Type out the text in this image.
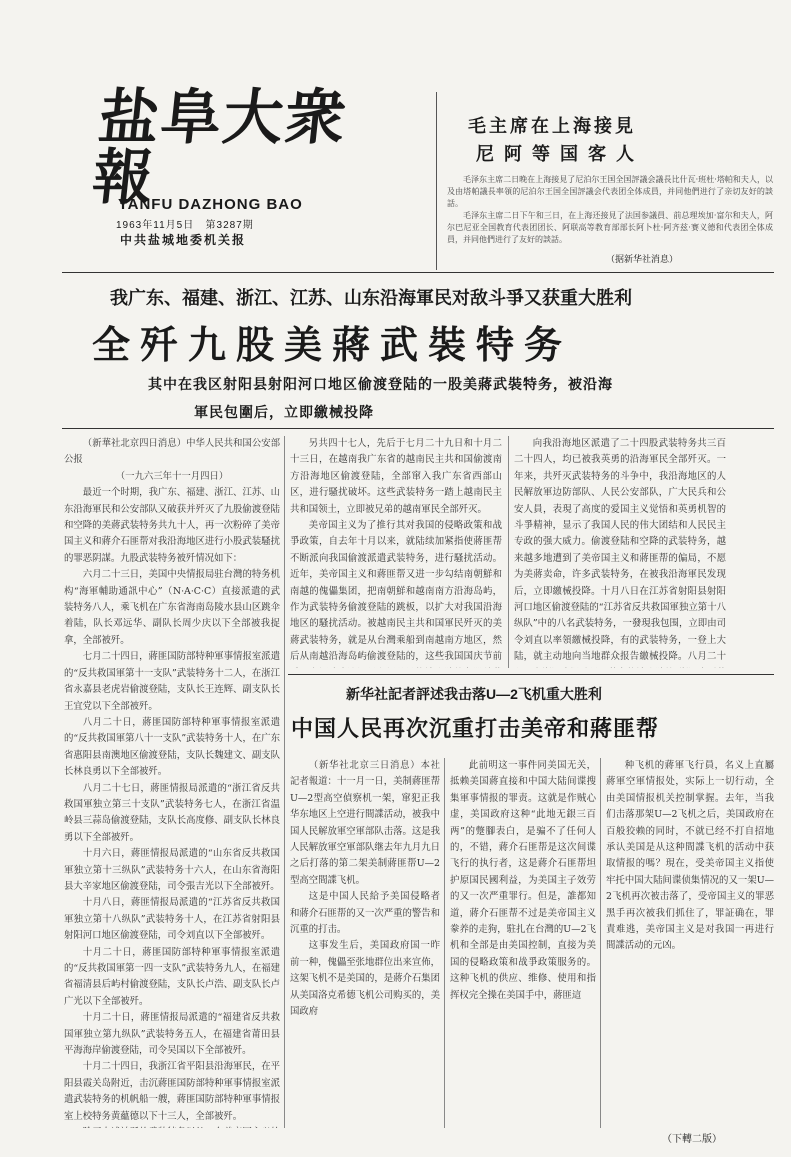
盐阜大衆報
YANFU DAZHONG BAO
1963年11月5日 第3287期
中共盐城地委机关报
毛主席在上海接見
尼阿等国客人

毛泽东主席二日晚在上海接見了尼泊尔王国全国評議会議長比什瓦·班杜·塔帕和夫人，以及由塔帕議長率領的尼泊尔王国全国評議会代表团全体成員，并同他們进行了亲切友好的談話。

毛泽东主席二日下午和三日，在上海还接見了法国参議員、前总理埃加·富尔和夫人，阿尔巴尼亚全国教育代表团团长、阿联高等教育部部长阿卜杜·阿齐兹·赛义德和代表团全体成員，并同他們进行了友好的談話。

（据新华社消息）
我广东、福建、浙江、江苏、山东沿海軍民对敌斗爭又获重大胜利
全歼九股美蔣武裝特务
其中在我区射阳县射阳河口地区偷渡登陆的一股美蔣武裝特务，被沿海
軍民包圍后，立即繳械投降

（新華社北京四日消息）中华人民共和国公安部公报

（一九六三年十一月四日）

最近一个时期，我广东、福建、浙江、江苏、山东沿海軍民和公安部队又破获并歼灭了九股偷渡登陆和空降的美蔣武装特务共九十人，再一次粉碎了美帝国主义和蔣介石匪帮对我沿海地区进行小股武装騷扰的罪恶阴謀。九股武装特务被歼情况如下：

六月二十三日，美国中央情报局驻台灣的特务机构“海軍輔助通訊中心”（N·A·C·C）直接派遣的武装特务八人，乘飞机在广东省海南岛陵水县山区跳伞着陆，队长邓远华、副队长周少庆以下全部被我捉拿，全部被歼。

七月二十四日，蔣匪国防部特种軍事情报室派遣的“反共救国軍第十一支队”武装特务十二人，在浙江省永嘉县老虎岩偷渡登陆，支队长王连辉、副支队长王宜党以下全部被歼。

八月二十日，蔣匪国防部特种軍事情报室派遣的“反共救国軍第八十一支队”武装特务十人，在广东省惠阳县南澳地区偷渡登陆，支队长魏建文、副支队长林良勇以下全部被歼。

八月二十七日，蔣匪情报局派遣的“浙江省反共救国軍独立第三十支队”武装特务七人，在浙江省温岭县三蒜岛偷渡登陆，支队长高度修、副支队长林良勇以下全部被歼。

十月六日，蔣匪情报局派遣的“山东省反共救国軍独立第十三纵队”武装特务十六人，在山东省海阳县大辛家地区偷渡登陆，司令張吉光以下全部被歼。

十月八日，蔣匪情报局派遣的“江苏省反共救国軍独立第十八纵队”武装特务十人，在江苏省射阳县射阳河口地区偷渡登陆，司令刘直以下全部被歼。

十月二十日，蔣匪国防部特种軍事情报室派遣的“反共救国軍第一四一支队”武装特务九人，在福建省福清县后屿村偷渡登陆，支队长卢浩、副支队长卢广光以下全部被歼。

十月二十日，蔣匪情报局派遣的“福建省反共救国軍独立第九纵队”武装特务五人，在福建省莆田县平海海岸偷渡登陆，司令吴国以下全部被歼。

十月二十四日，我浙江省平阳县沿海軍民，在平阳县霞关岛附近，击沉蔣匪国防部特种軍事情报室派遣武装特务的机帆船一艘，蔣匪国防部特种軍事情报室上校特务黄蘊德以下十三人，全部被歼。

另共四十七人，先后于七月二十九日和十月二十三日，在越南我广东省的越南民主共和国偷渡南方沿海地区偷渡登陆，全部窜入我广东省西部山区，进行騷扰破坏。这些武装特务一踏上越南民主共和国领土，立即被兄弟的越南軍民全部歼灭。

美帝国主义为了推行其对我国的侵略政策和战爭政策，自去年十月以来，就陆续加紧指使蔣匪帮不断派向我国偷渡派遣武装特务，进行騷扰活动。近年，美帝国主义和蔣匪帮又进一步勾结南朝鮮和南越的傀儡集团，把南朝鮮和越南南方沿海岛屿，作为武装特务偷渡登陆的跳板，以扩大对我国沿海地区的騷扰活动。被越南民主共和国軍民歼灭的美蔣武装特务，就是从台灣乘船到南越南方地区，然后从南越沿海岛屿偷渡登陆的，这些我国国庆节前

向我沿海地区派遣了二十四股武装特务共三百二十四人，均已被我英勇的沿海軍民全部歼灭。一年来，共歼灭武装特务的斗争中，我沿海地区的人民解放軍边防部队、人民公安部队，广大民兵和公安人員，表現了高度的爱国主义觉悟和英勇机智的斗爭精神，显示了我国人民的伟大团结和人民民主专政的强大威力。偷渡登陆和空降的武装特务，越来越多地遭到了美帝国主义和蔣匪帮的偏局，不愿为美蔣卖命，许多武装特务，在被我沿海軍民发现后，立即繳械投降。十月八日在江苏省射阳县射阳河口地区偷渡登陆的“江苏省反共救国軍独立第十八纵队”中的八名武装特务，一發現我包围，立即由司令刘直以率領繳械投降，有的武装特务，一登上大陆，就主动地向当地群众报告繳械投降。八月二十

新华社記者評述我击落U—2飞机重大胜利
中国人民再次沉重打击美帝和蔣匪帮

（新华社北京三日消息）本社記者報道：十一月一日，美制蔣匪帮U—2型高空偵察机一架，窜犯正我华东地区上空进行間諜活动，被我中国人民解放軍空軍部队击落。这是我人民解放軍空軍部队继去年九月九日之后打落的第二架美制蔣匪帮U—2型高空間諜飞机。

这是中国人民給予美国侵略者和蔣介石匪帮的又一次严重的警告和沉重的打击。

这事发生后，美国政府国一昨前一种，傀儡至张地群位出来宣佈，这架飞机不是美国的，是蔣介石集团从美国洛克希德飞机公司购买的，美国政府

此前明这一事件同美国无关，抵赖美国蔣直接和中国大陆间谍搜集軍事情报的罪责。这就是作贼心虚，美国政府这种“此地无銀三百两”的蹩腳表白，是骗不了任何人的，不错，蔣介石匪帮是这次间谍飞行的执行者，这是蔣介石匪帮坦护原国民國利益，为美国主子效劳的又一次严重罪行。但是，誰都知道，蔣介石匪帮不过是美帝国主义豢养的走狗，駐扎在台灣的U—2飞机和全部是由美国控制，直接为美国的侵略政策和战爭政策服务的。这种飞机的供应、维修、使用和指挥权完全操在美国手中，蔣匪這

种飞机的蔣軍飞行員，名义上直屬蔣軍空軍情报处，实际上一切行动，全由美国情报机关控制掌握。去年，当我们击落那架U—2飞机之后，美国政府在百般狡赖的同时，不就已经不打自招地承认美国是从这种間諜飞机的活动中获取情报的嗎？現在，受美帝国主义指使牢托中国大陆间谍侦集情况的又一架U—2飞机再次被击落了，受帝国主义的罪恶黑手再次被我们抓住了，罪証确在，罪責难逃，美帝国主义是对我国一再进行間諜活动的元凶。

（下轉二版）
